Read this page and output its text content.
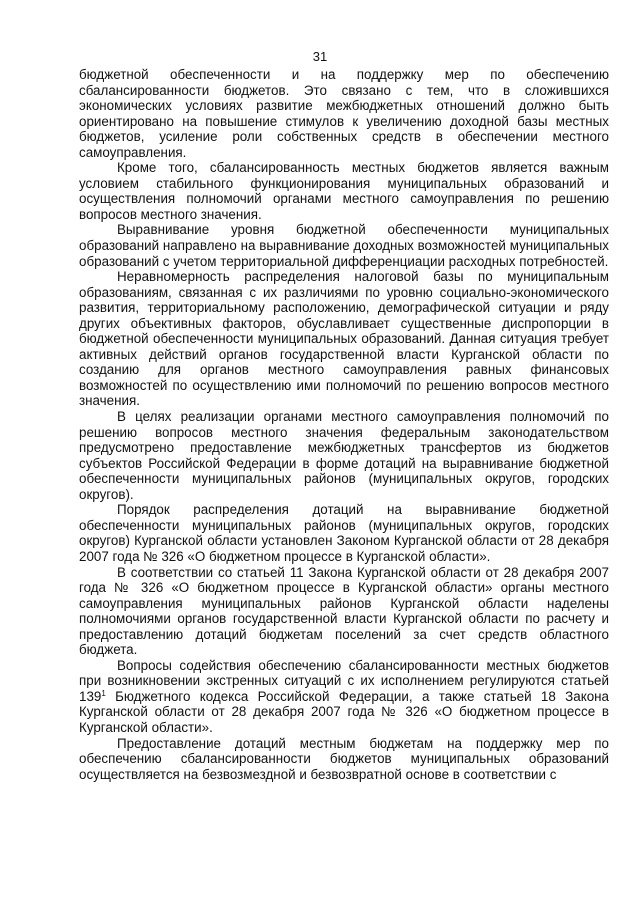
31

бюджетной обеспеченности и на поддержку мер по обеспечению сбалансированности бюджетов. Это связано с тем, что в сложившихся экономических условиях развитие межбюджетных отношений должно быть ориентировано на повышение стимулов к увеличению доходной базы местных бюджетов, усиление роли собственных средств в обеспечении местного самоуправления.

Кроме того, сбалансированность местных бюджетов является важным условием стабильного функционирования муниципальных образований и осуществления полномочий органами местного самоуправления по решению вопросов местного значения.

Выравнивание уровня бюджетной обеспеченности муниципальных образований направлено на выравнивание доходных возможностей муниципальных образований с учетом территориальной дифференциации расходных потребностей.

Неравномерность распределения налоговой базы по муниципальным образованиям, связанная с их различиями по уровню социально-экономического развития, территориальному расположению, демографической ситуации и ряду других объективных факторов, обуславливает существенные диспропорции в бюджетной обеспеченности муниципальных образований. Данная ситуация требует активных действий органов государственной власти Курганской области по созданию для органов местного самоуправления равных финансовых возможностей по осуществлению ими полномочий по решению вопросов местного значения.

В целях реализации органами местного самоуправления полномочий по решению вопросов местного значения федеральным законодательством предусмотрено предоставление межбюджетных трансфертов из бюджетов субъектов Российской Федерации в форме дотаций на выравнивание бюджетной обеспеченности муниципальных районов (муниципальных округов, городских округов).

Порядок распределения дотаций на выравнивание бюджетной обеспеченности муниципальных районов (муниципальных округов, городских округов) Курганской области установлен Законом Курганской области от 28 декабря 2007 года № 326 «О бюджетном процессе в Курганской области».

В соответствии со статьей 11 Закона Курганской области от 28 декабря 2007 года № 326 «О бюджетном процессе в Курганской области» органы местного самоуправления муниципальных районов Курганской области наделены полномочиями органов государственной власти Курганской области по расчету и предоставлению дотаций бюджетам поселений за счет средств областного бюджета.

Вопросы содействия обеспечению сбалансированности местных бюджетов при возникновении экстренных ситуаций с их исполнением регулируются статьей $139^1$ Бюджетного кодекса Российской Федерации, а также статьей 18 Закона Курганской области от 28 декабря 2007 года № 326 «О бюджетном процессе в Курганской области».

Предоставление дотаций местным бюджетам на поддержку мер по обеспечению сбалансированности бюджетов муниципальных образований осуществляется на безвозмездной и безвозвратной основе в соответствии с
